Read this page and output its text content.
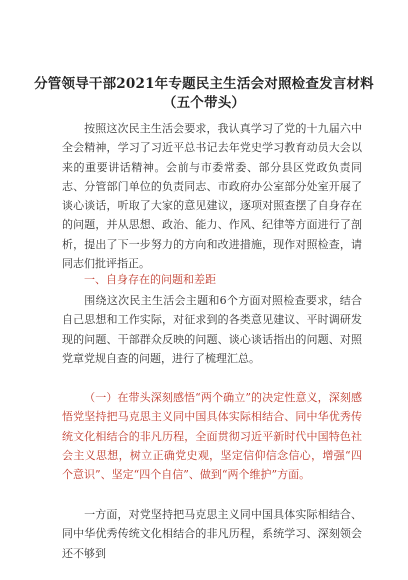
分管领导干部2021年专题民主生活会对照检查发言材料
（五个带头）
按照这次民主生活会要求，我认真学习了党的十九届六中全会精神，学习了习近平总书记去年党史学习教育动员大会以来的重要讲话精神。会前与市委常委、部分县区党政负责同志、分管部门单位的负责同志、市政府办公室部分处室开展了谈心谈话，听取了大家的意见建议，逐项对照查摆了自身存在的问题，并从思想、政治、能力、作风、纪律等方面进行了剖析，提出了下一步努力的方向和改进措施，现作对照检查，请同志们批评指正。
一、自身存在的问题和差距
围绕这次民主生活会主题和6个方面对照检查要求，结合自己思想和工作实际，对征求到的各类意见建议、平时调研发现的问题、干部群众反映的问题、谈心谈话指出的问题、对照党章党规自查的问题，进行了梳理汇总。
（一）在带头深刻感悟“两个确立”的决定性意义，深刻感悟党坚持把马克思主义同中国具体实际相结合、同中华优秀传统文化相结合的非凡历程，全面贯彻习近平新时代中国特色社会主义思想，树立正确党史观，坚定信仰信念信心，增强“四个意识”、坚定“四个自信”、做到“两个维护”方面。
一方面，对党坚持把马克思主义同中国具体实际相结合、同中华优秀传统文化相结合的非凡历程，系统学习、深刻领会还不够到
